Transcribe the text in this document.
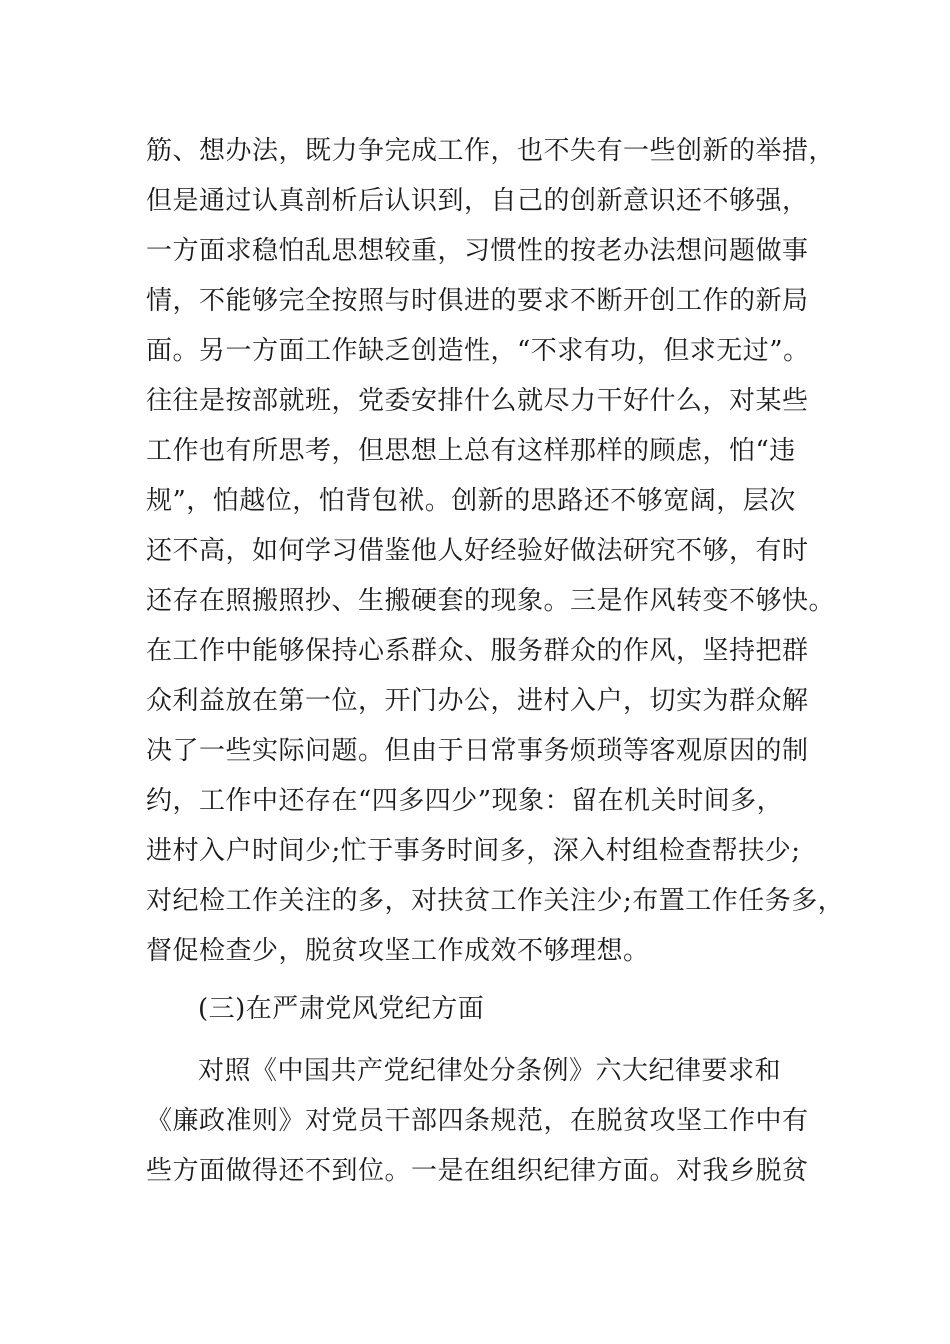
筋、想办法，既力争完成工作，也不失有一些创新的举措，
但是通过认真剖析后认识到，自己的创新意识还不够强，
一方面求稳怕乱思想较重，习惯性的按老办法想问题做事
情，不能够完全按照与时俱进的要求不断开创工作的新局
面。另一方面工作缺乏创造性，“不求有功，但求无过”。
往往是按部就班，党委安排什么就尽力干好什么，对某些
工作也有所思考，但思想上总有这样那样的顾虑，怕“违
规”，怕越位，怕背包袱。创新的思路还不够宽阔，层次
还不高，如何学习借鉴他人好经验好做法研究不够，有时
还存在照搬照抄、生搬硬套的现象。三是作风转变不够快。
在工作中能够保持心系群众、服务群众的作风，坚持把群
众利益放在第一位，开门办公，进村入户，切实为群众解
决了一些实际问题。但由于日常事务烦琐等客观原因的制
约，工作中还存在“四多四少”现象：留在机关时间多，
进村入户时间少;忙于事务时间多，深入村组检查帮扶少;
对纪检工作关注的多，对扶贫工作关注少;布置工作任务多，
督促检查少，脱贫攻坚工作成效不够理想。
(三)在严肃党风党纪方面
对照《中国共产党纪律处分条例》六大纪律要求和
《廉政准则》对党员干部四条规范，在脱贫攻坚工作中有
些方面做得还不到位。一是在组织纪律方面。对我乡脱贫
